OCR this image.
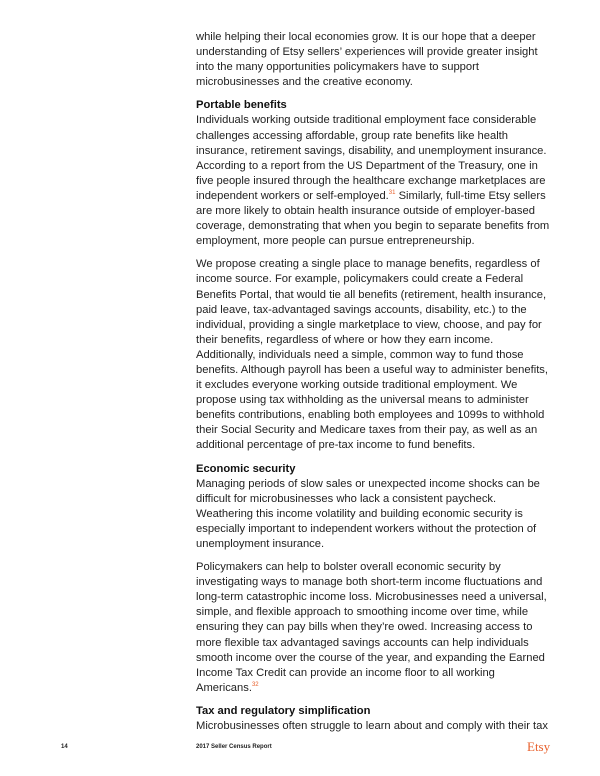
while helping their local economies grow. It is our hope that a deeper understanding of Etsy sellers’ experiences will provide greater insight into the many opportunities policymakers have to support microbusinesses and the creative economy.

Portable benefits

Individuals working outside traditional employment face considerable challenges accessing affordable, group rate benefits like health insurance, retirement savings, disability, and unemployment insurance. According to a report from the US Department of the Treasury, one in five people insured through the healthcare exchange marketplaces are independent workers or self-employed.$^{31}$ Similarly, full-time Etsy sellers are more likely to obtain health insurance outside of employer-based coverage, demonstrating that when you begin to separate benefits from employment, more people can pursue entrepreneurship.

We propose creating a single place to manage benefits, regardless of income source. For example, policymakers could create a Federal Benefits Portal, that would tie all benefits (retirement, health insurance, paid leave, tax-advantaged savings accounts, disability, etc.) to the individual, providing a single marketplace to view, choose, and pay for their benefits, regardless of where or how they earn income. Additionally, individuals need a simple, common way to fund those benefits. Although payroll has been a useful way to administer benefits, it excludes everyone working outside traditional employment. We propose using tax withholding as the universal means to administer benefits contributions, enabling both employees and 1099s to withhold their Social Security and Medicare taxes from their pay, as well as an additional percentage of pre-tax income to fund benefits.

Economic security

Managing periods of slow sales or unexpected income shocks can be difficult for microbusinesses who lack a consistent paycheck. Weathering this income volatility and building economic security is especially important to independent workers without the protection of unemployment insurance.

Policymakers can help to bolster overall economic security by investigating ways to manage both short-term income fluctuations and long-term catastrophic income loss. Microbusinesses need a universal, simple, and flexible approach to smoothing income over time, while ensuring they can pay bills when they’re owed. Increasing access to more flexible tax advantaged savings accounts can help individuals smooth income over the course of the year, and expanding the Earned Income Tax Credit can provide an income floor to all working Americans.$^{32}$

Tax and regulatory simplification

Microbusinesses often struggle to learn about and comply with their tax

14	2017 Seller Census Report	Etsy
